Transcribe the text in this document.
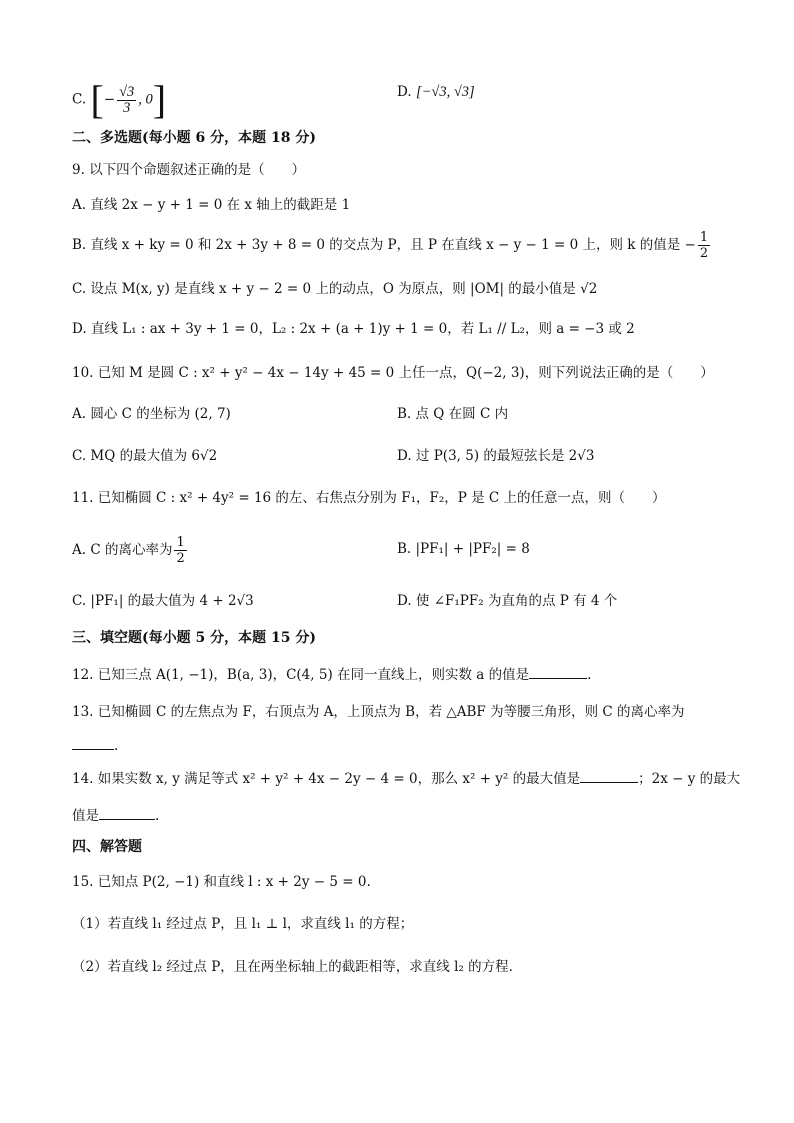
C. [− $\frac{√3}{3}$ , 0]	D. [−√3, √3]
二、多选题(每小题 6 分，本题 18 分)
9. 以下四个命题叙述正确的是（　　）
A. 直线 2x − y + 1 = 0 在 x 轴上的截距是 1
B. 直线 x + ky = 0 和 2x + 3y + 8 = 0 的交点为 P，且 P 在直线 x − y − 1 = 0 上，则 k 的值是 − $\frac{1}{2}$
C. 设点 M(x, y) 是直线 x + y − 2 = 0 上的动点，O 为原点，则 |OM| 的最小值是 √2
D. 直线 L₁ : ax + 3y + 1 = 0，L₂ : 2x + (a + 1)y + 1 = 0，若 L₁ // L₂，则 a = −3 或 2
10. 已知 M 是圆 C : x² + y² − 4x − 14y + 45 = 0 上任一点，Q(−2, 3)，则下列说法正确的是（　　）
A. 圆心 C 的坐标为 (2, 7)	B. 点 Q 在圆 C 内
C. MQ 的最大值为 6√2	D. 过 P(3, 5) 的最短弦长是 2√3
11. 已知椭圆 C : x² + 4y² = 16 的左、右焦点分别为 F₁，F₂，P 是 C 上的任意一点，则（　　）
A. C 的离心率为 $\frac{1}{2}$	B. |PF₁| + |PF₂| = 8
C. |PF₁| 的最大值为 4 + 2√3	D. 使 ∠F₁PF₂ 为直角的点 P 有 4 个
三、填空题(每小题 5 分，本题 15 分)
12. 已知三点 A(1, −1)，B(a, 3)，C(4, 5) 在同一直线上，则实数 a 的值是	.
13. 已知椭圆 C 的左焦点为 F，右顶点为 A，上顶点为 B，若 △ABF 为等腰三角形，则 C 的离心率为
.
14. 如果实数 x, y 满足等式 x² + y² + 4x − 2y − 4 = 0，那么 x² + y² 的最大值是	；2x − y 的最大
值是	.
四、解答题
15. 已知点 P(2, −1) 和直线 l : x + 2y − 5 = 0.
（1）若直线 l₁ 经过点 P，且 l₁ ⊥ l，求直线 l₁ 的方程；
（2）若直线 l₂ 经过点 P，且在两坐标轴上的截距相等，求直线 l₂ 的方程.
